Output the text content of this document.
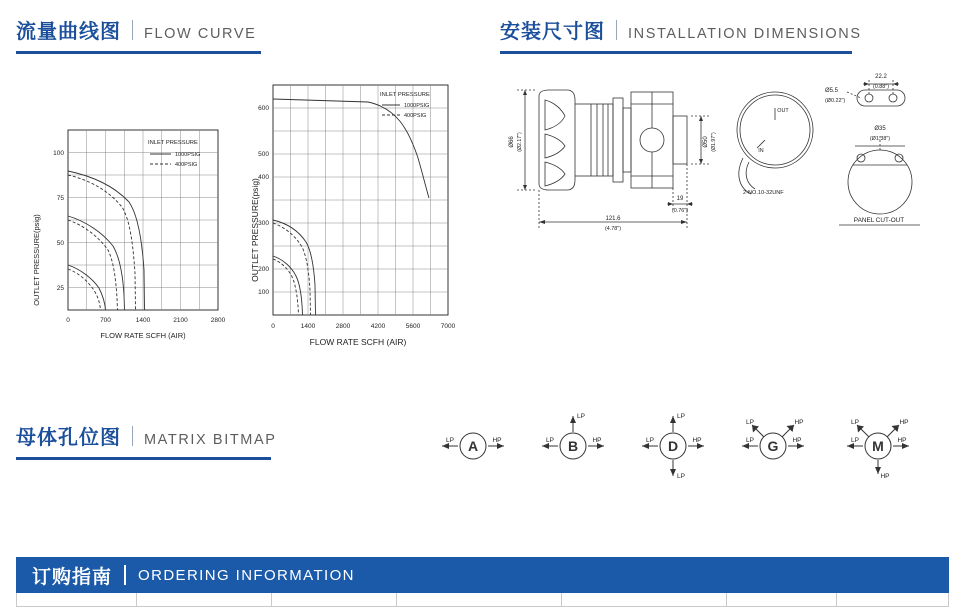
流量曲线图 FLOW CURVE	安装尺寸图 INSTALLATION DIMENSIONS
母体孔位图 MATRIX BITMAP
OUTLET PRESSURE(psig)
100
75
50
25
0	700	1400	2100	2800
FLOW RATE SCFH (AIR)
INLET PRESSURE
1000PSIG
400PSIG
OUTLET PRESSURE(psig)
600
500
400
300
200
100
0	1400	2800	4200	5600	7000
FLOW RATE SCFH (AIR)
INLET PRESSURE
1000PSIG
400PSIG
Ø66 (Ø2.17")
121.6
(4.78")
19
(0.76")
Ø50 (Ø1.97")
Ø5.5
(Ø0.22")
22.2
(0.88")
Ø35
(Ø1.38")
2-NO.10-32UNF
PANEL CUT-OUT
OUT
IN
A
LP	HP	B
LP
LP	HP	D
LP
LP	HP
LP
G
LP	HP
LP	HP	M
LP	HP
LP	HP
HP
订购指南 ORDERING INFORMATION
